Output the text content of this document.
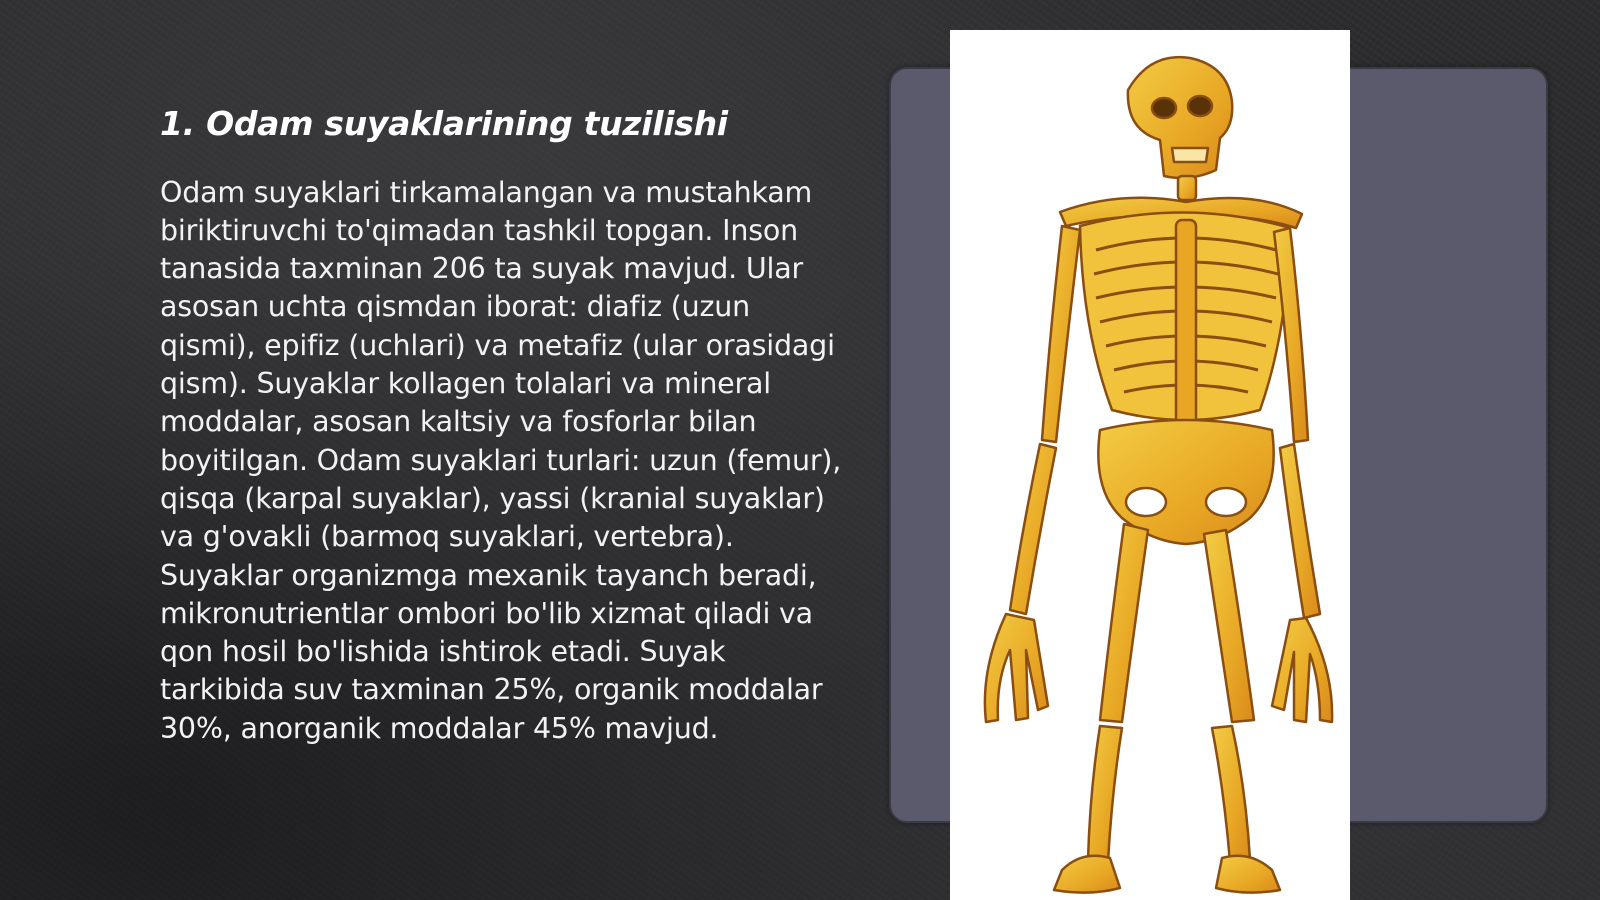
1. Odam suyaklarining tuzilishi

Odam suyaklari tirkamalangan va mustahkam biriktiruvchi to'qimadan tashkil topgan. Inson tanasida taxminan 206 ta suyak mavjud. Ular asosan uchta qismdan iborat: diafiz (uzun qismi), epifiz (uchlari) va metafiz (ular orasidagi qism). Suyaklar kollagen tolalari va mineral moddalar, asosan kaltsiy va fosforlar bilan boyitilgan. Odam suyaklari turlari: uzun (femur), qisqa (karpal suyaklar), yassi (kranial suyaklar) va g'ovakli (barmoq suyaklari, vertebra). Suyaklar organizmga mexanik tayanch beradi, mikronutrientlar ombori bo'lib xizmat qiladi va qon hosil bo'lishida ishtirok etadi. Suyak tarkibida suv taxminan 25%, organik moddalar 30%, anorganik moddalar 45% mavjud.
